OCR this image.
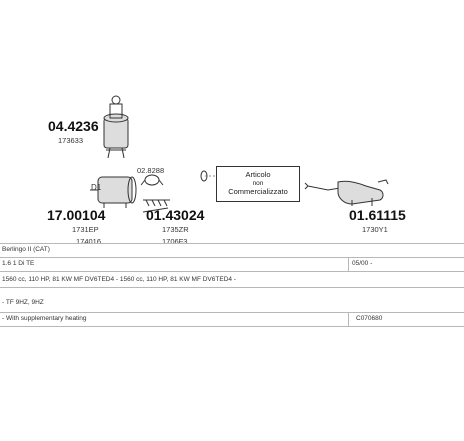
04.4236
173633
D1
17.00104
1731EP
174016
02.8288
01.43024
1735ZR
1706F3
01.61115
1730Y1
Articolo
non
Commercializzato
Berlingo II (CAT)
1.6 1 Di TE	05/00 -
1560 cc, 110 HP, 81 KW MF DV6TED4 - 1560 cc, 110 HP, 81 KW MF DV6TED4 -
- TF 9HZ, 9HZ
- With supplementary heating	C070680
